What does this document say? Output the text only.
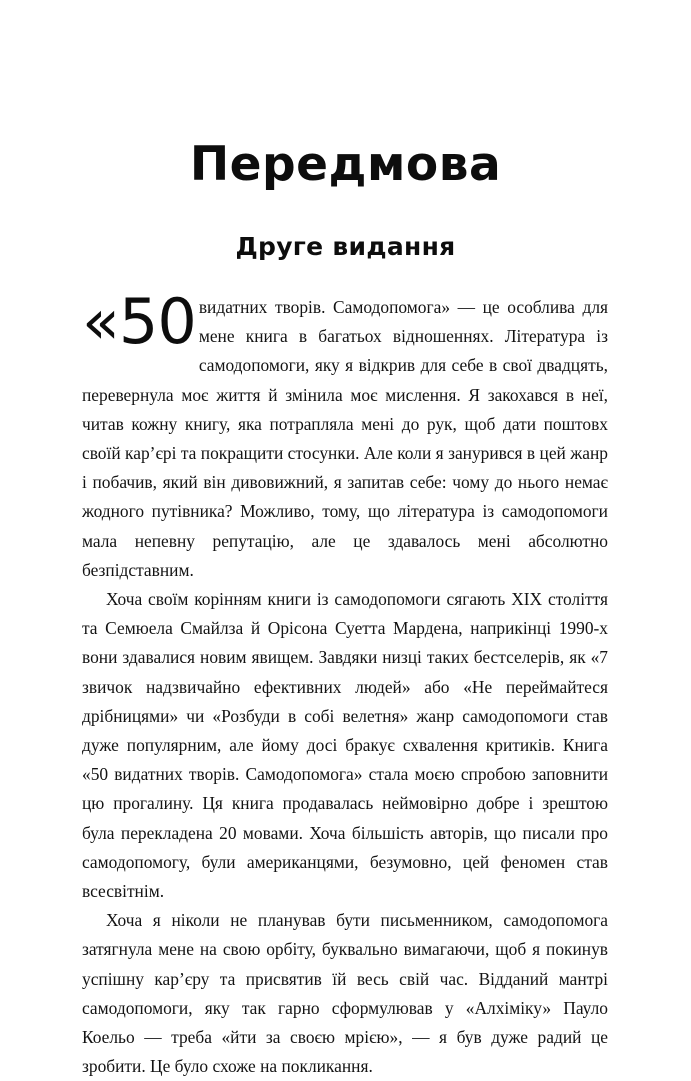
Передмова
Друге видання

«50 видатних творів. Самодопомога» — це особлива для мене книга в багатьох відношеннях. Література із самодопомоги, яку я відкрив для себе в свої двадцять, перевернула моє життя й змінила моє мислення. Я закохався в неї, читав кожну книгу, яка потрапляла мені до рук, щоб дати поштовх своїй кар’єрі та покращити стосунки. Але коли я занурився в цей жанр і побачив, який він дивовижний, я запитав себе: чому до нього немає жодного путівника? Можливо, тому, що література із самодопомоги мала непевну репутацію, але це здавалось мені абсолютно безпідставним.

Хоча своїм корінням книги із самодопомоги сягають XIX століття та Семюела Смайлза й Орісона Суетта Мардена, наприкінці 1990-х вони здавалися новим явищем. Завдяки низці таких бестселерів, як «7 звичок надзвичайно ефективних людей» або «Не переймайтеся дрібницями» чи «Розбуди в собі велетня» жанр самодопомоги став дуже популярним, але йому досі бракує схвалення критиків. Книга «50 видатних творів. Самодопомога» стала моєю спробою заповнити цю прогалину. Ця книга продавалась неймовірно добре і зрештою була перекладена 20 мовами. Хоча більшість авторів, що писали про самодопомогу, були американцями, безумовно, цей феномен став всесвітнім.

Хоча я ніколи не планував бути письменником, самодопомога затягнула мене на свою орбіту, буквально вимагаючи, щоб я покинув успішну кар’єру та присвятив їй весь свій час. Відданий мантрі самодопомоги, яку так гарно сформулював у «Алхіміку» Пауло Коельо — треба «йти за своєю мрією», — я був дуже радий це зробити. Це було схоже на покликання.
